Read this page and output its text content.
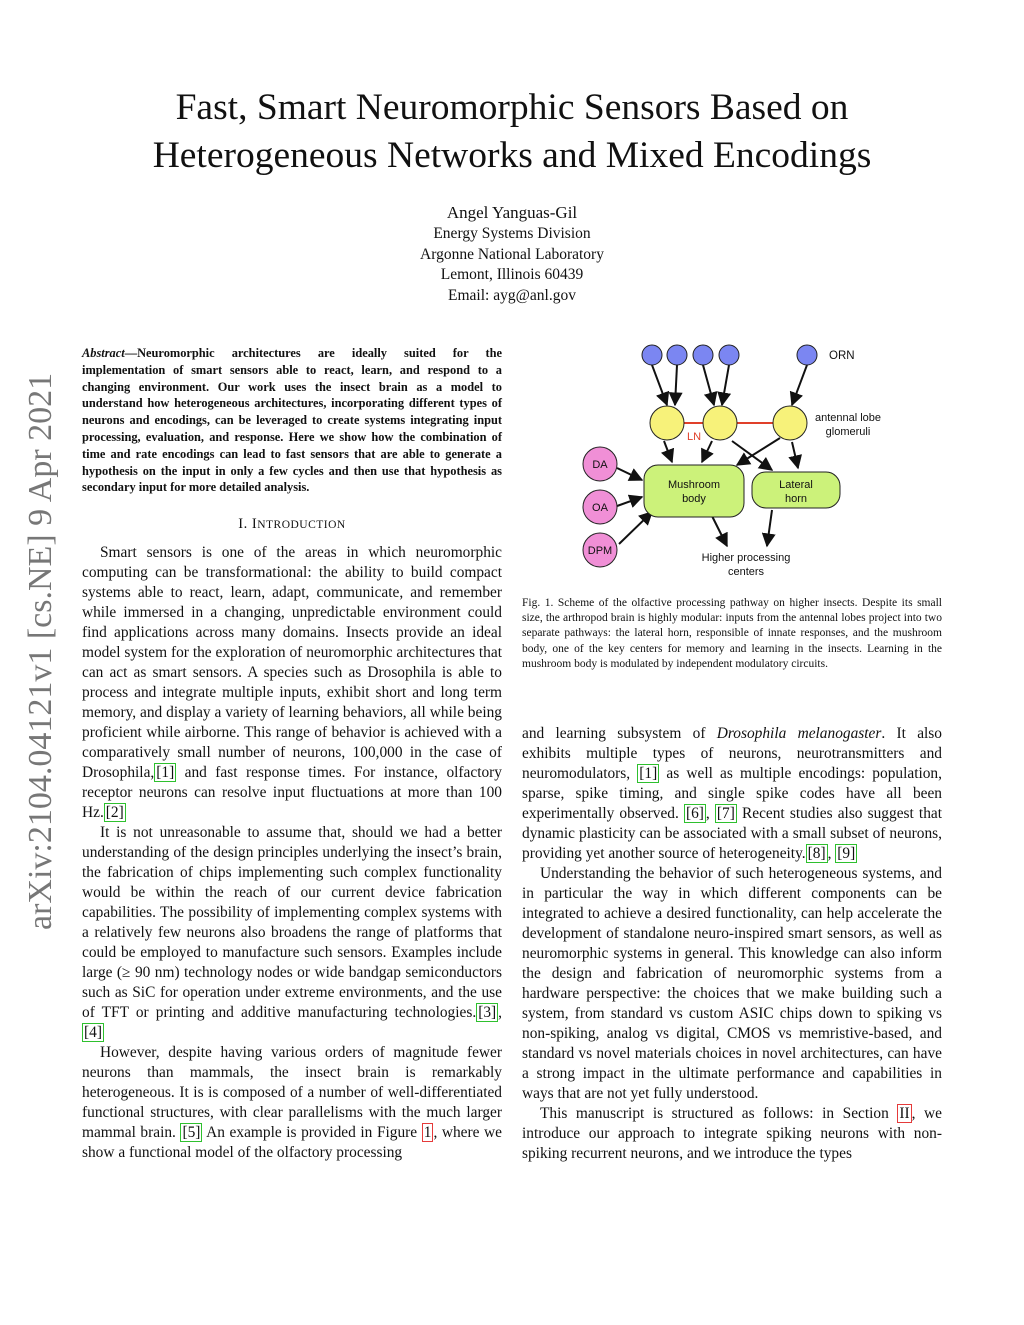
arXiv:2104.04121v1 [cs.NE] 9 Apr 2021
Fast, Smart Neuromorphic Sensors Based on
Heterogeneous Networks and Mixed Encodings
Angel Yanguas-Gil
Energy Systems Division
Argonne National Laboratory
Lemont, Illinois 60439
Email: ayg@anl.gov

Abstract—Neuromorphic architectures are ideally suited for the implementation of smart sensors able to react, learn, and respond to a changing environment. Our work uses the insect brain as a model to understand how heterogeneous architectures, incorporating different types of neurons and encodings, can be leveraged to create systems integrating input processing, evaluation, and response. Here we show how the combination of time and rate encodings can lead to fast sensors that are able to generate a hypothesis on the input in only a few cycles and then use that hypothesis as secondary input for more detailed analysis.

I. INTRODUCTION

Smart sensors is one of the areas in which neuromorphic computing can be transformational: the ability to build compact systems able to react, learn, adapt, communicate, and remember while immersed in a changing, unpredictable environment could find applications across many domains. Insects provide an ideal model system for the exploration of neuromorphic architectures that can act as smart sensors. A species such as Drosophila is able to process and integrate multiple inputs, exhibit short and long term memory, and display a variety of learning behaviors, all while being proficient while airborne. This range of behavior is achieved with a comparatively small number of neurons, 100,000 in the case of Drosophila, [1] and fast response times. For instance, olfactory receptor neurons can resolve input fluctuations at more than 100 Hz. [2]

It is not unreasonable to assume that, should we had a better understanding of the design principles underlying the insect’s brain, the fabrication of chips implementing such complex functionality would be within the reach of our current device fabrication capabilities. The possibility of implementing complex systems with a relatively few neurons also broadens the range of platforms that could be employed to manufacture such sensors. Examples include large (≥ 90 nm) technology nodes or wide bandgap semiconductors such as SiC for operation under extreme environments, and the use of TFT or printing and additive manufacturing technologies. [3] , [4]

However, despite having various orders of magnitude fewer neurons than mammals, the insect brain is remarkably heterogeneous. It is is composed of a number of well-differentiated functional structures, with clear parallelisms with the much larger mammal brain. [5] An example is provided in Figure 1 , where we show a functional model of the olfactory processing

ORN
antennal lobe
glomeruli
LN
DA
OA
DPM
Mushroom
body
Lateral
horn
Higher processing
centers
Fig. 1. Scheme of the olfactive processing pathway on higher insects. Despite its small size, the arthropod brain is highly modular: inputs from the antennal lobes project into two separate pathways: the lateral horn, responsible of innate responses, and the mushroom body, one of the key centers for memory and learning in the insects. Learning in the mushroom body is modulated by independent modulatory circuits.

and learning subsystem of Drosophila melanogaster. It also exhibits multiple types of neurons, neurotransmitters and neuromodulators, [1] as well as multiple encodings: population, sparse, spike timing, and single spike codes have all been experimentally observed. [6] , [7] Recent studies also suggest that dynamic plasticity can be associated with a small subset of neurons, providing yet another source of heterogeneity. [8] , [9]

Understanding the behavior of such heterogeneous systems, and in particular the way in which different components can be integrated to achieve a desired functionality, can help accelerate the development of standalone neuro-inspired smart sensors, as well as neuromorphic systems in general. This knowledge can also inform the design and fabrication of neuromorphic systems from a hardware perspective: the choices that we make building such a system, from standard vs custom ASIC chips down to spiking vs non-spiking, analog vs digital, CMOS vs memristive-based, and standard vs novel materials choices in novel architectures, can have a strong impact in the ultimate performance and capabilities in ways that are not yet fully understood.

This manuscript is structured as follows: in Section II , we introduce our approach to integrate spiking neurons with non-spiking recurrent neurons, and we introduce the types
